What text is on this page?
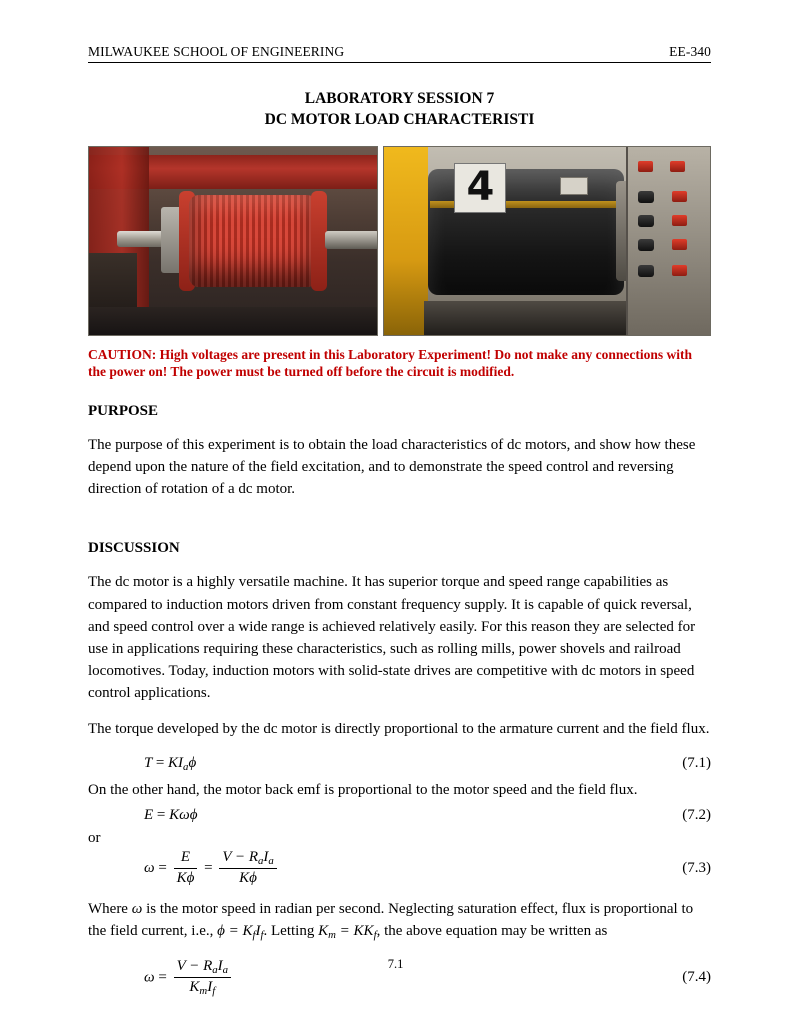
MILWAUKEE SCHOOL OF ENGINEERING	EE-340
LABORATORY SESSION 7
DC MOTOR LOAD CHARACTERISTI
4

CAUTION: High voltages are present in this Laboratory Experiment! Do not make any connections with the power on! The power must be turned off before the circuit is modified.

PURPOSE

The purpose of this experiment is to obtain the load characteristics of dc motors, and show how these depend upon the nature of the field excitation, and to demonstrate the speed control and reversing direction of rotation of a dc motor.

DISCUSSION

The dc motor is a highly versatile machine. It has superior torque and speed range capabilities as compared to induction motors driven from constant frequency supply. It is capable of quick reversal, and speed control over a wide range is achieved relatively easily. For this reason they are selected for use in applications requiring these characteristics, such as rolling mills, power shovels and railroad locomotives. Today, induction motors with solid-state drives are competitive with dc motors in speed control applications.

The torque developed by the dc motor is directly proportional to the armature current and the field flux.

$T = KI_a\phi$	(7.1)

On the other hand, the motor back emf is proportional to the motor speed and the field flux.

E = Kωϕ	(7.2)
or
$\omega = \frac{E}{K\phi} = \frac{V - R_aI_a}{K\phi}$	(7.3)

Where ω is the motor speed in radian per second. Neglecting saturation effect, flux is proportional to the field current, i.e., $\phi = K_fI_f$. Letting $K_m = KK_f$, the above equation may be written as

$\omega = \frac{V - R_aI_a}{K_mI_f}$	(7.4)
7.1
